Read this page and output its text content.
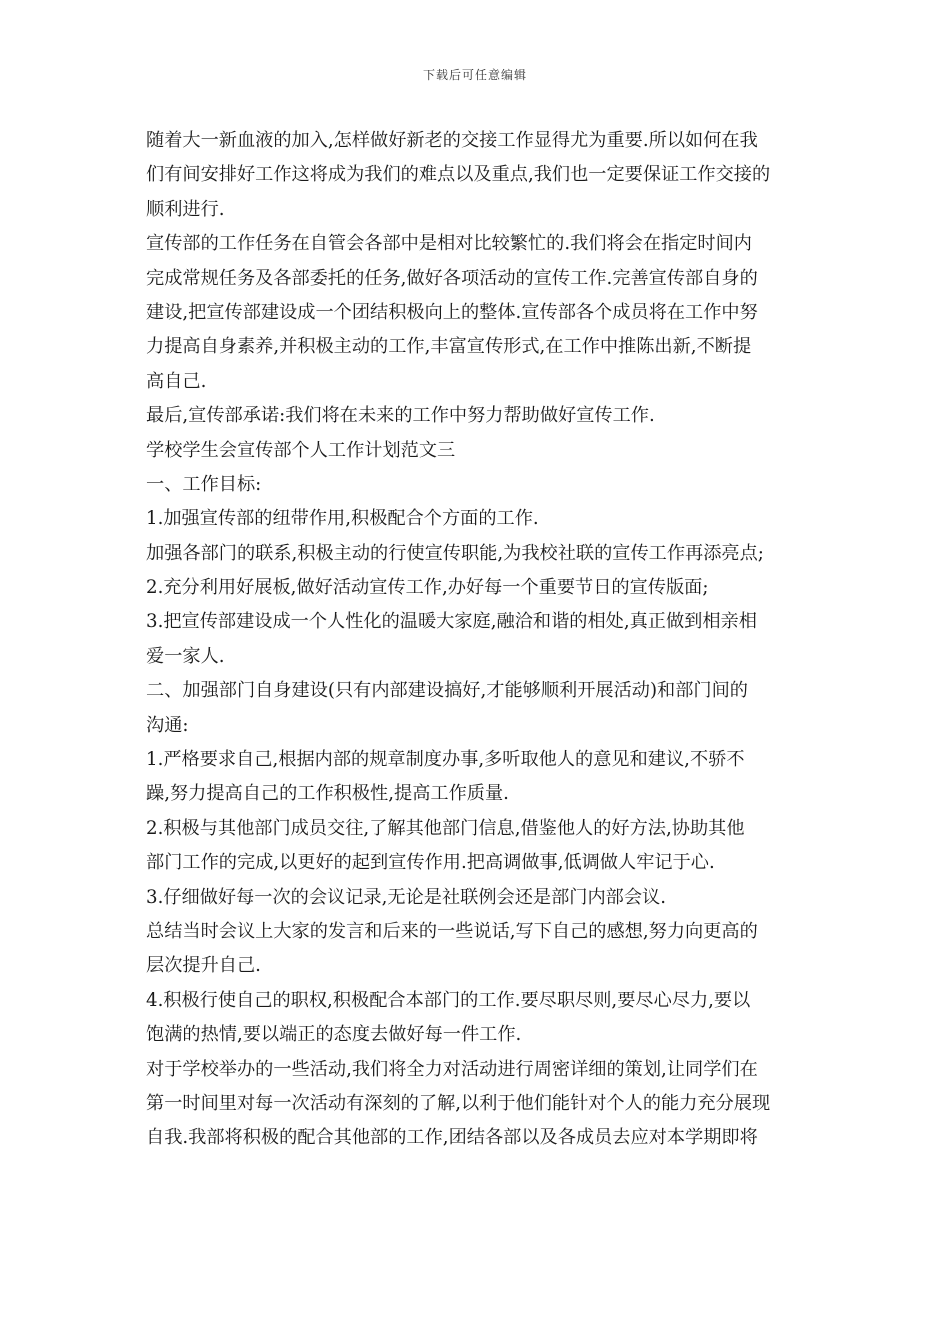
下载后可任意编辑
随着大一新血液的加入,怎样做好新老的交接工作显得尤为重要.所以如何在我
们有间安排好工作这将成为我们的难点以及重点,我们也一定要保证工作交接的
顺利进行.
宣传部的工作任务在自管会各部中是相对比较繁忙的.我们将会在指定时间内
完成常规任务及各部委托的任务,做好各项活动的宣传工作.完善宣传部自身的
建设,把宣传部建设成一个团结积极向上的整体.宣传部各个成员将在工作中努
力提高自身素养,并积极主动的工作,丰富宣传形式,在工作中推陈出新,不断提
高自己.
最后,宣传部承诺:我们将在未来的工作中努力帮助做好宣传工作.
学校学生会宣传部个人工作计划范文三
一、工作目标:
1.加强宣传部的纽带作用,积极配合个方面的工作.
加强各部门的联系,积极主动的行使宣传职能,为我校社联的宣传工作再添亮点;
2.充分利用好展板,做好活动宣传工作,办好每一个重要节日的宣传版面;
3.把宣传部建设成一个人性化的温暖大家庭,融洽和谐的相处,真正做到相亲相
爱一家人.
二、加强部门自身建设(只有内部建设搞好,才能够顺利开展活动)和部门间的
沟通:
1.严格要求自己,根据内部的规章制度办事,多听取他人的意见和建议,不骄不
躁,努力提高自己的工作积极性,提高工作质量.
2.积极与其他部门成员交往,了解其他部门信息,借鉴他人的好方法,协助其他
部门工作的完成,以更好的起到宣传作用.把高调做事,低调做人牢记于心.
3.仔细做好每一次的会议记录,无论是社联例会还是部门内部会议.
总结当时会议上大家的发言和后来的一些说话,写下自己的感想,努力向更高的
层次提升自己.
4.积极行使自己的职权,积极配合本部门的工作.要尽职尽则,要尽心尽力,要以
饱满的热情,要以端正的态度去做好每一件工作.
对于学校举办的一些活动,我们将全力对活动进行周密详细的策划,让同学们在
第一时间里对每一次活动有深刻的了解,以利于他们能针对个人的能力充分展现
自我.我部将积极的配合其他部的工作,团结各部以及各成员去应对本学期即将
